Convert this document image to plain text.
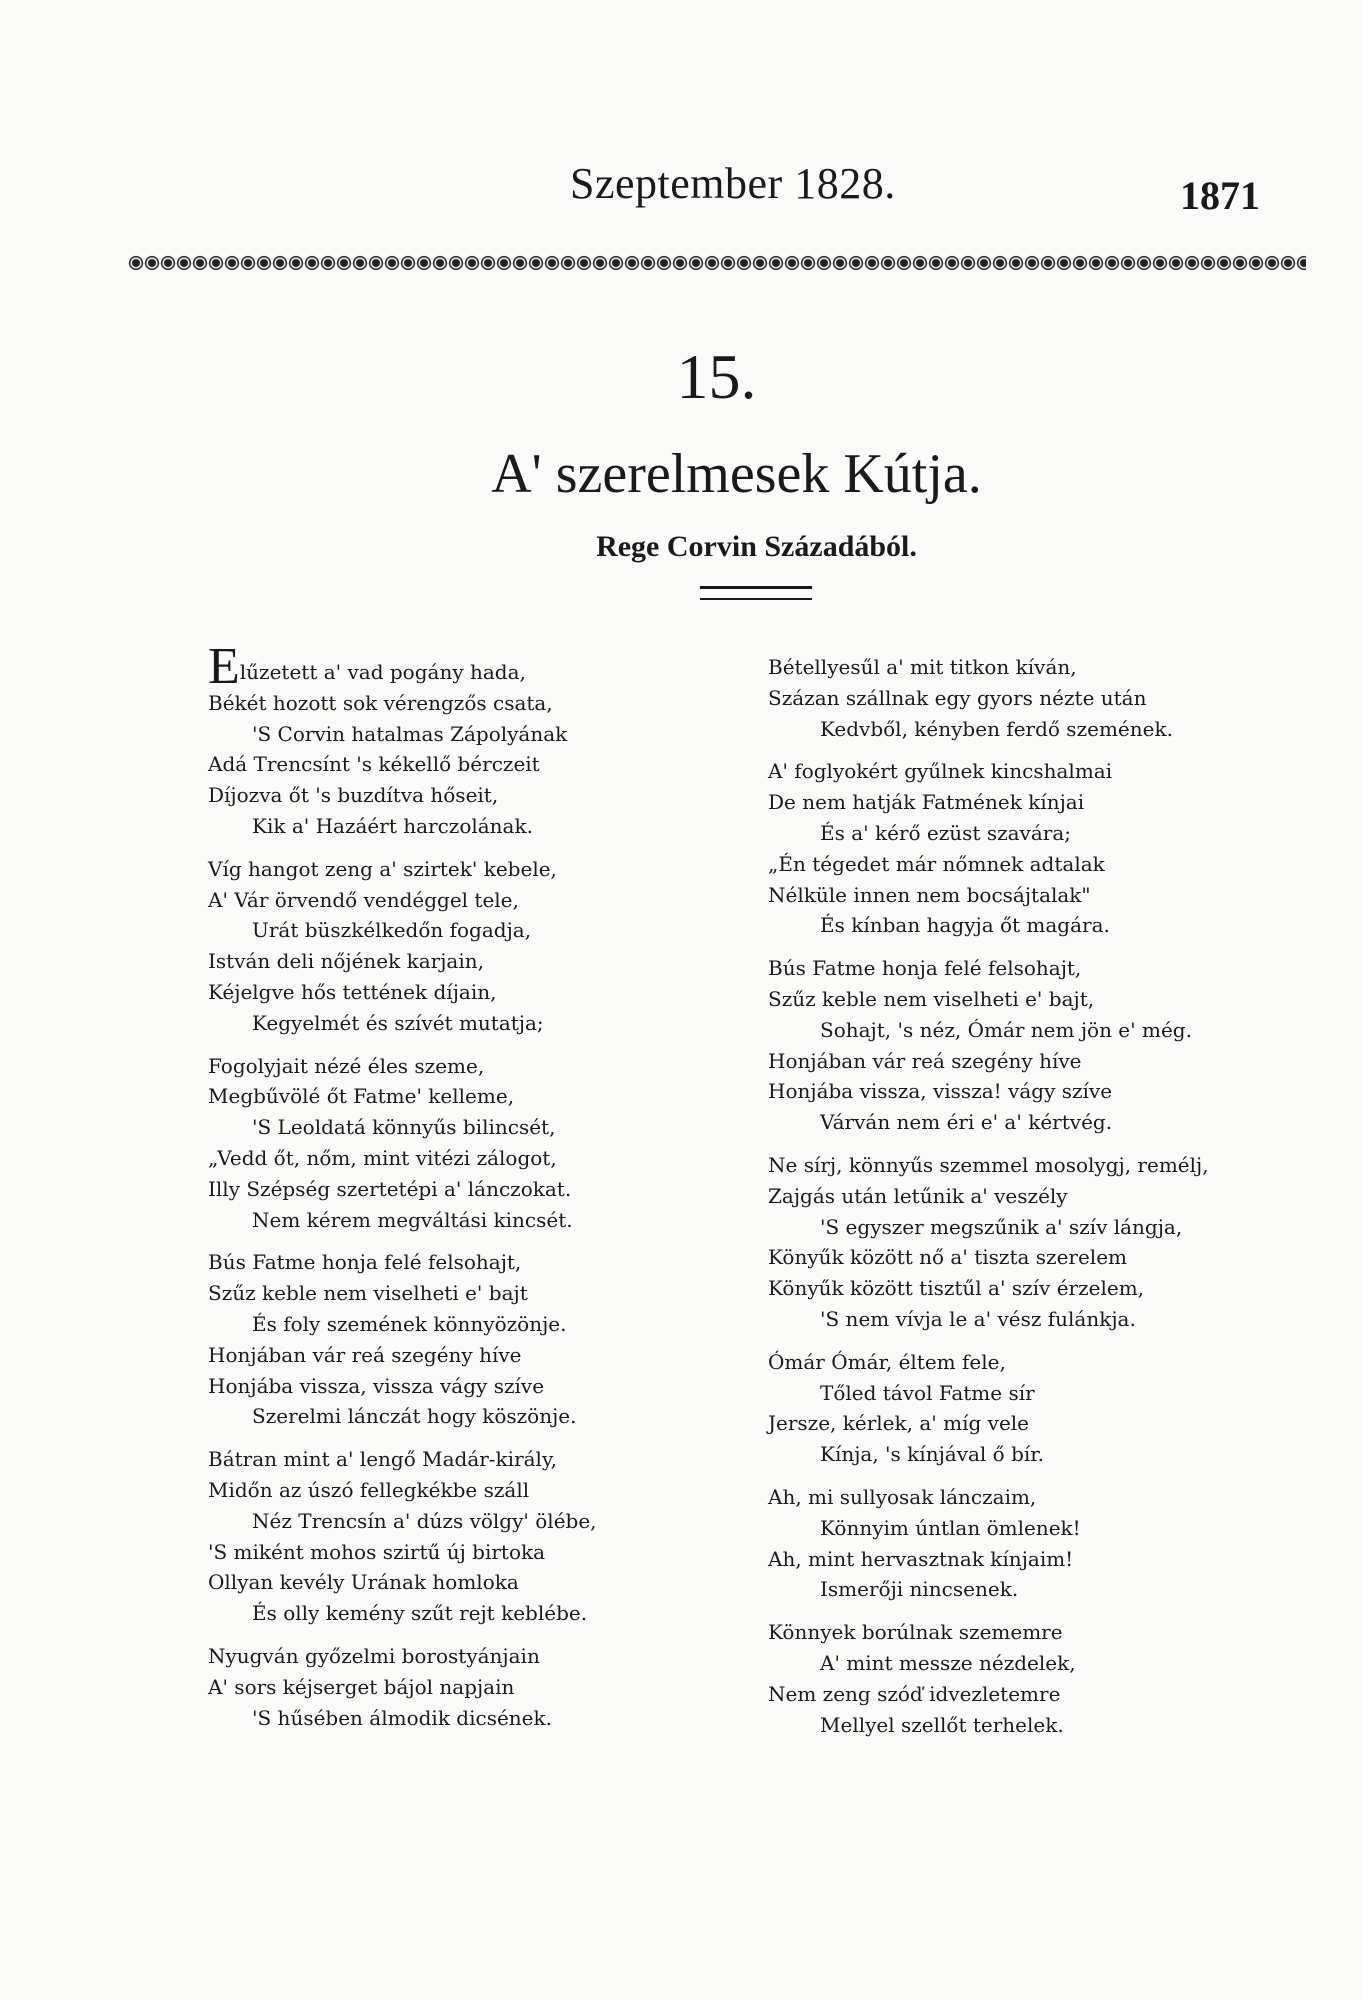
Szeptember 1828.	1871
15.
A' szerelmesek Kútja.
Rege Corvin Századából.
Elűzetett a' vad pogány hada,
Békét hozott sok vérengzős csata,
'S Corvin hatalmas Zápolyának
Adá Trencsínt 's kékellő bérczeit
Díjozva őt 's buzdítva hőseit,
Kik a' Hazáért harczolának.
Víg hangot zeng a' szirtek' kebele,
A' Vár örvendő vendéggel tele,
Urát büszkélkedőn fogadja,
István deli nőjének karjain,
Kéjelgve hős tettének díjain,
Kegyelmét és szívét mutatja;
Fogolyjait nézé éles szeme,
Megbűvölé őt Fatme' kelleme,
'S Leoldatá könnyűs bilincsét,
„Vedd őt, nőm, mint vitézi zálogot,
Illy Szépség szertetépi a' lánczokat.
Nem kérem megváltási kincsét.
Bús Fatme honja felé felsohajt,
Szűz keble nem viselheti e' bajt
És foly szemének könnyözönje.
Honjában vár reá szegény híve
Honjába vissza, vissza vágy szíve
Szerelmi lánczát hogy köszönje.
Bátran mint a' lengő Madár-király,
Midőn az úszó fellegkékbe száll
Néz Trencsín a' dúzs völgy' ölébe,
'S miként mohos szirtű új birtoka
Ollyan kevély Urának homloka
És olly kemény szűt rejt keblébe.
Nyugván győzelmi borostyánjain
A' sors kéjserget bájol napjain
'S hűsében álmodik dicsének.
Bétellyesűl a' mit titkon kíván,
Százan szállnak egy gyors nézte után
Kedvből, kényben ferdő szemének.
A' foglyokért gyűlnek kincshalmai
De nem hatják Fatmének kínjai
És a' kérő ezüst szavára;
„Én tégedet már nőmnek adtalak
Nélküle innen nem bocsájtalak"
És kínban hagyja őt magára.
Bús Fatme honja felé felsohajt,
Szűz keble nem viselheti e' bajt,
Sohajt, 's néz, Ómár nem jön e' még.
Honjában vár reá szegény híve
Honjába vissza, vissza! vágy szíve
Várván nem éri e' a' kértvég.
Ne sírj, könnyűs szemmel mosolygj, remélj,
Zajgás után letűnik a' veszély
'S egyszer megszűnik a' szív lángja,
Könyűk között nő a' tiszta szerelem
Könyűk között tisztűl a' szív érzelem,
'S nem vívja le a' vész fulánkja.
Ómár Ómár, éltem fele,
Tőled távol Fatme sír
Jersze, kérlek, a' míg vele
Kínja, 's kínjával ő bír.
Ah, mi sullyosak lánczaim,
Könnyim úntlan ömlenek!
Ah, mint hervasztnak kínjaim!
Ismerőji nincsenek.
Könnyek borúlnak szememre
A' mint messze nézdelek,
Nem zeng szóď idvezletemre
Mellyel szellőt terhelek.
